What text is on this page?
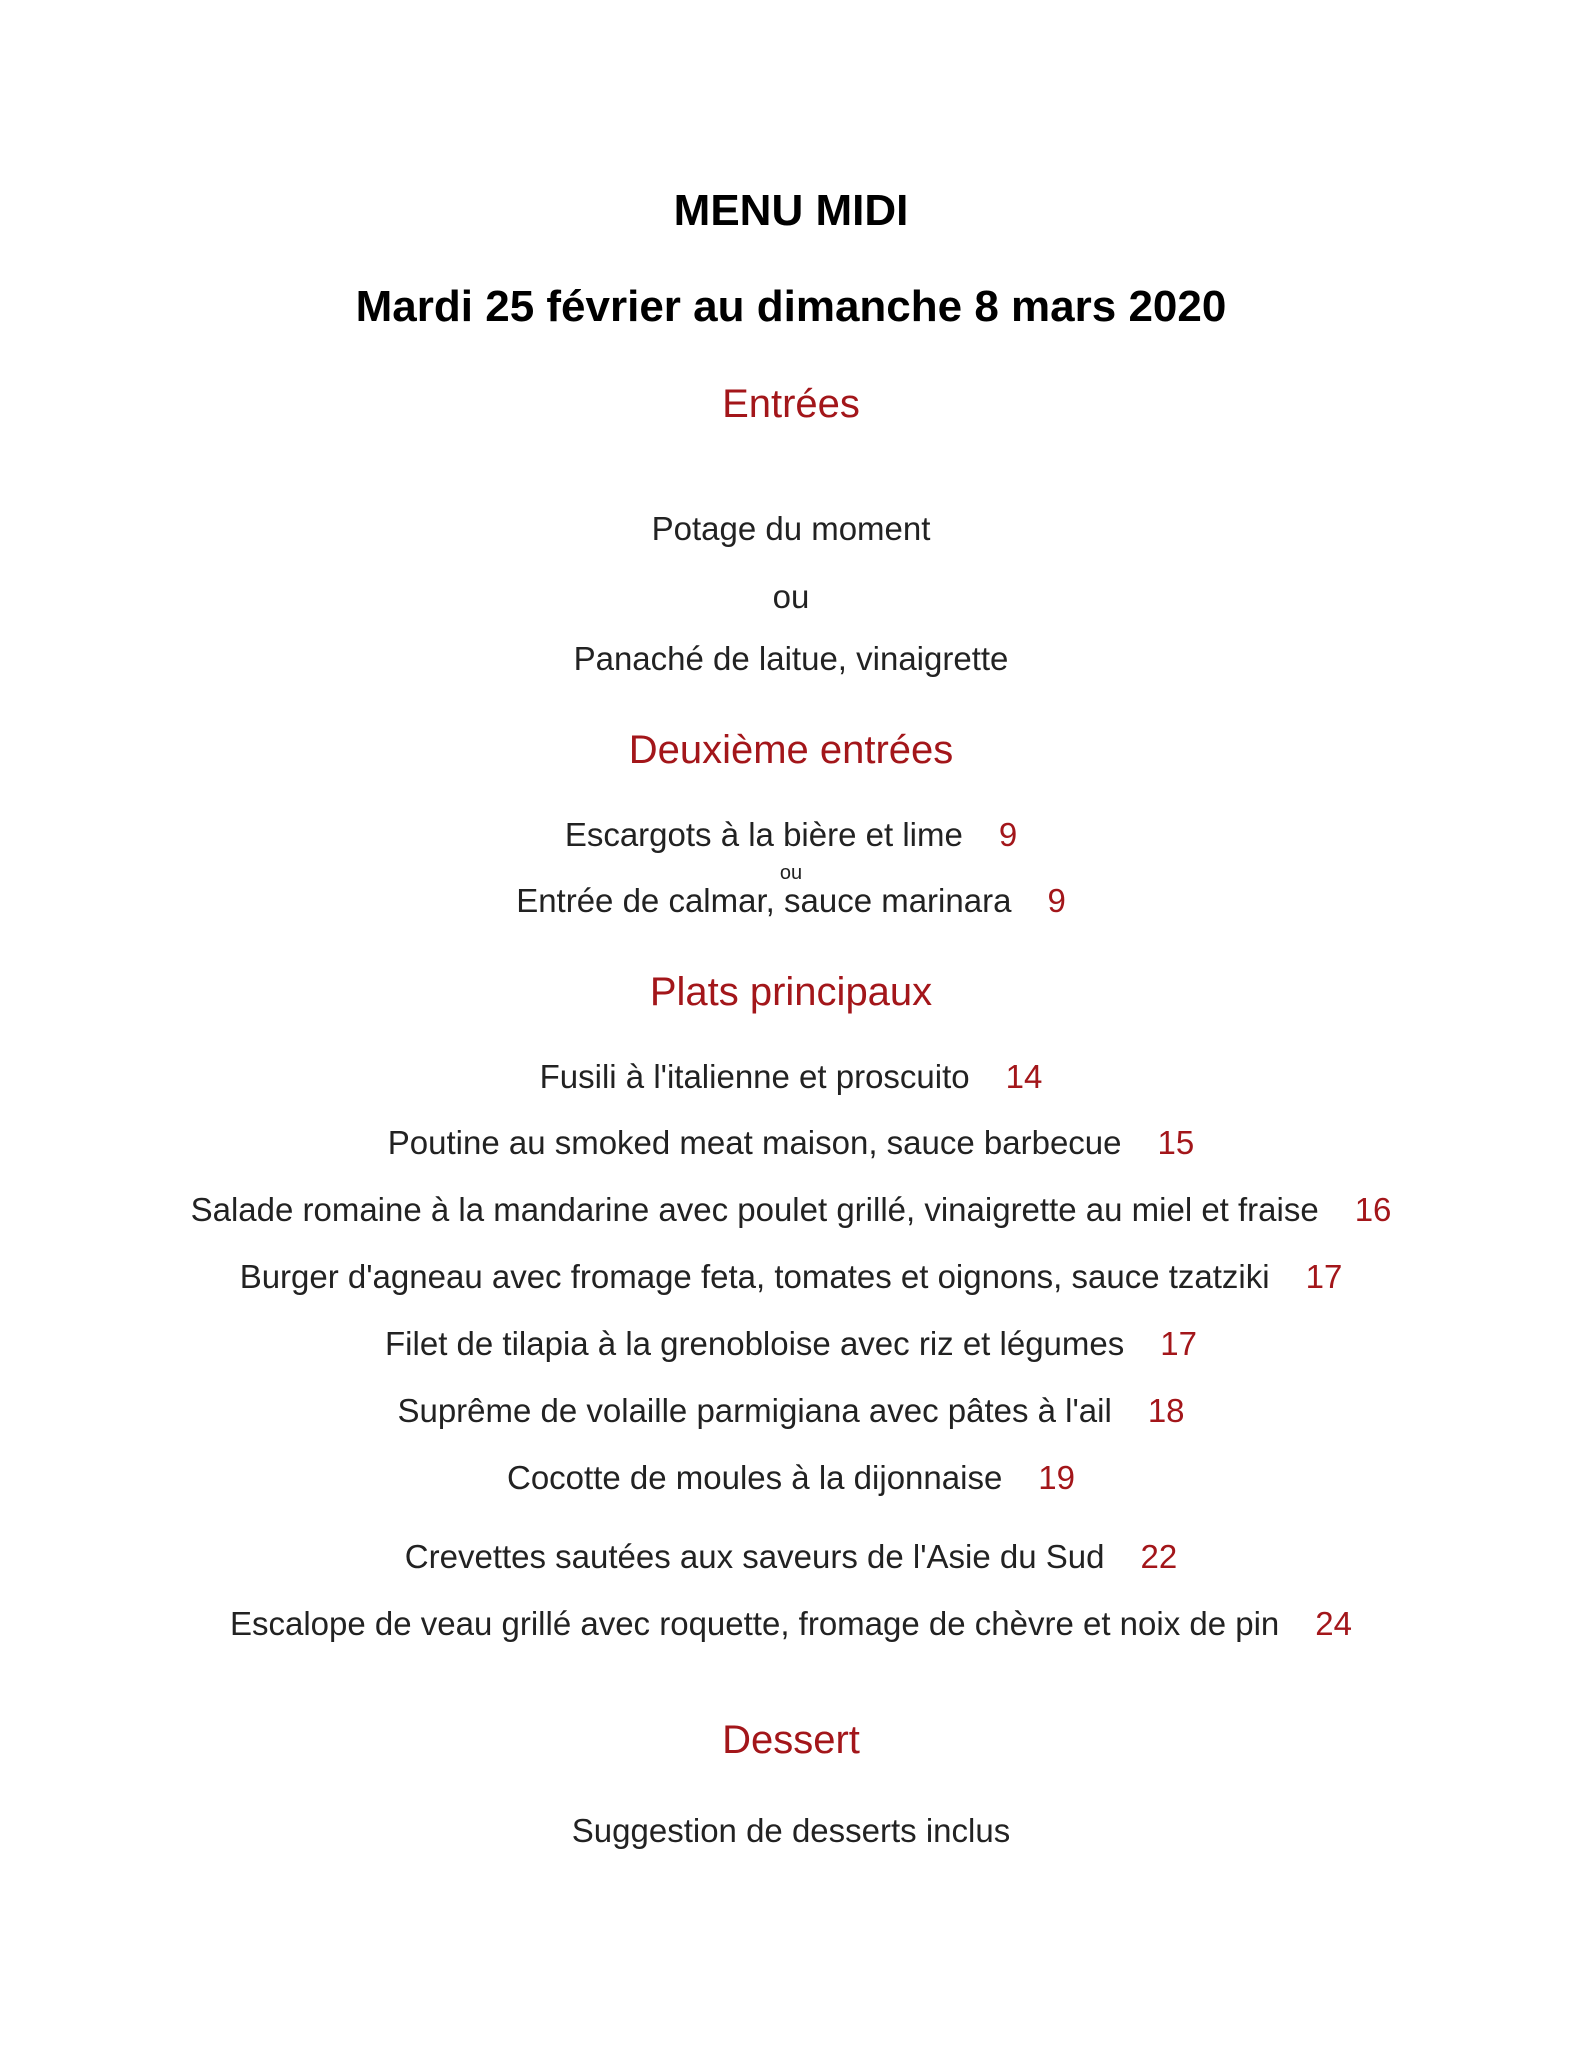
MENU MIDI
Mardi 25 février au dimanche 8 mars 2020
Entrées
Potage du moment
ou
Panaché de laitue, vinaigrette
Deuxième entrées
Escargots à la bière et lime 9
ou
Entrée de calmar, sauce marinara 9
Plats principaux
Fusili à l'italienne et proscuito 14
Poutine au smoked meat maison, sauce barbecue 15
Salade romaine à la mandarine avec poulet grillé, vinaigrette au miel et fraise 16
Burger d'agneau avec fromage feta, tomates et oignons, sauce tzatziki 17
Filet de tilapia à la grenobloise avec riz et légumes 17
Suprême de volaille parmigiana avec pâtes à l'ail 18
Cocotte de moules à la dijonnaise 19
Crevettes sautées aux saveurs de l'Asie du Sud 22
Escalope de veau grillé avec roquette, fromage de chèvre et noix de pin 24
Dessert
Suggestion de desserts inclus
